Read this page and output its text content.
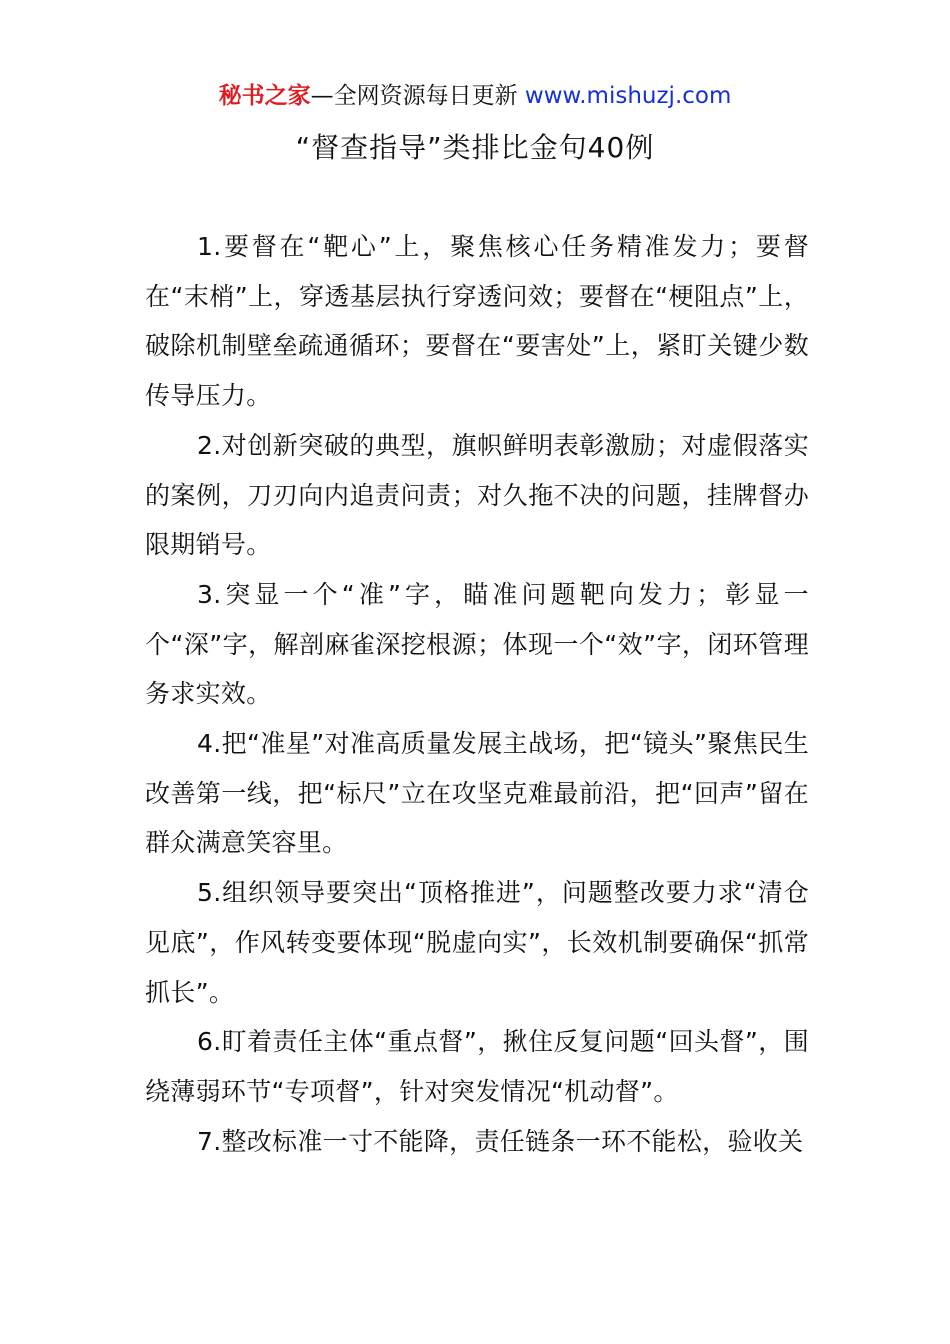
秘书之家—全网资源每日更新 www.mishuzj.com
“督查指导”类排比金句40例

1.要督在“靶心”上，聚焦核心任务精准发力；要督在“末梢”上，穿透基层执行穿透问效；要督在“梗阻点”上，破除机制壁垒疏通循环；要督在“要害处”上，紧盯关键少数传导压力。

2.对创新突破的典型，旗帜鲜明表彰激励；对虚假落实的案例，刀刃向内追责问责；对久拖不决的问题，挂牌督办限期销号。

3.突显一个“准”字，瞄准问题靶向发力；彰显一个“深”字，解剖麻雀深挖根源；体现一个“效”字，闭环管理务求实效。

4.把“准星”对准高质量发展主战场，把“镜头”聚焦民生改善第一线，把“标尺”立在攻坚克难最前沿，把“回声”留在群众满意笑容里。

5.组织领导要突出“顶格推进”，问题整改要力求“清仓见底”，作风转变要体现“脱虚向实”，长效机制要确保“抓常抓长”。

6.盯着责任主体“重点督”，揪住反复问题“回头督”，围绕薄弱环节“专项督”，针对突发情况“机动督”。

7.整改标准一寸不能降，责任链条一环不能松，验收关
